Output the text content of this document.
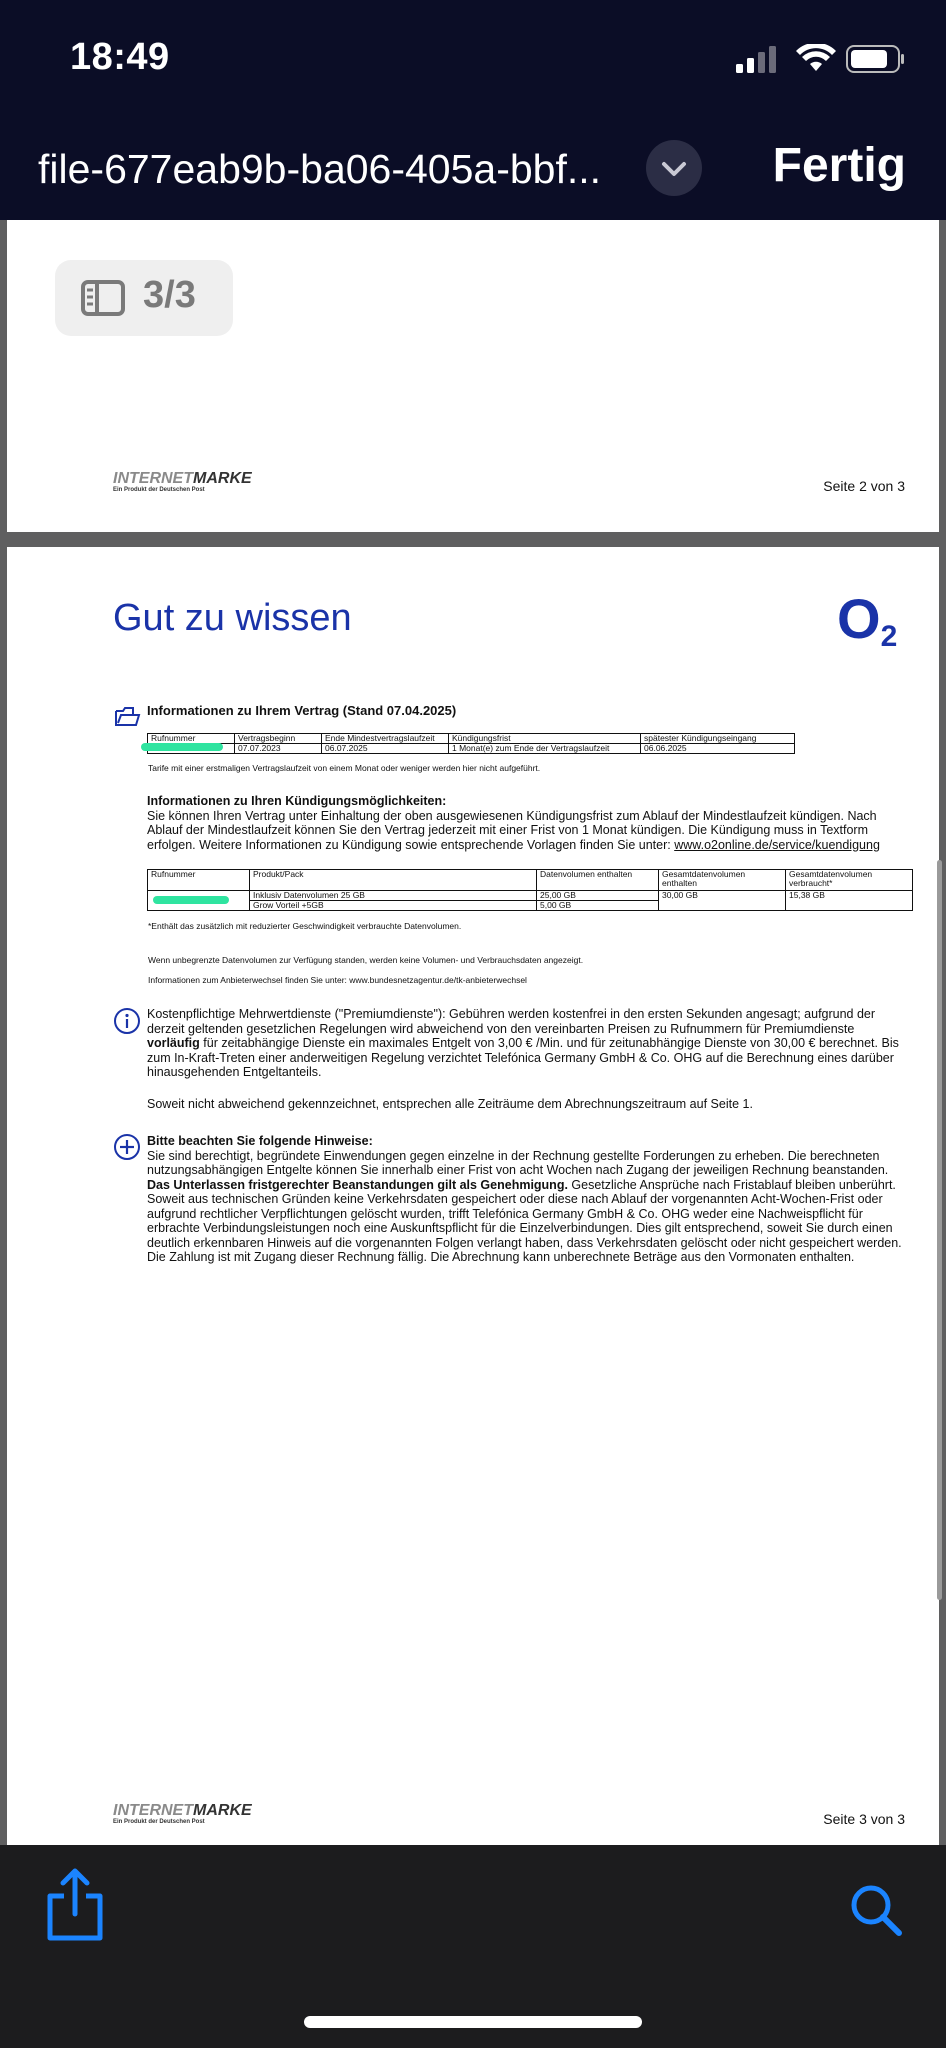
18:49
file-677eab9b-ba06-405a-bbf...	Fertig
3/3
INTERNETMARKE
Ein Produkt der Deutschen Post	Seite 2 von 3
Gut zu wissen	$O_2$
Informationen zu Ihrem Vertrag (Stand 07.04.2025)
Rufnummer	Vertragsbeginn	Ende Mindestvertragslaufzeit	Kündigungsfrist	spätester Kündigungseingang
	07.07.2023	06.07.2025	1 Monat(e) zum Ende der Vertragslaufzeit	06.06.2025
Tarife mit einer erstmaligen Vertragslaufzeit von einem Monat oder weniger werden hier nicht aufgeführt.
Informationen zu Ihren Kündigungsmöglichkeiten:
Sie können Ihren Vertrag unter Einhaltung der oben ausgewiesenen Kündigungsfrist zum Ablauf der Mindestlaufzeit kündigen. Nach Ablauf der Mindestlaufzeit können Sie den Vertrag jederzeit mit einer Frist von 1 Monat kündigen. Die Kündigung muss in Textform erfolgen. Weitere Informationen zu Kündigung sowie entsprechende Vorlagen finden Sie unter: www.o2online.de/service/kuendigung
Rufnummer	Produkt/Pack	Datenvolumen enthalten	Gesamtdatenvolumen enthalten	Gesamtdatenvolumen verbraucht*
	Inklusiv Datenvolumen 25 GB	25,00 GB	30,00 GB	15,38 GB
	Grow Vorteil +5GB	5,00 GB		
*Enthält das zusätzlich mit reduzierter Geschwindigkeit verbrauchte Datenvolumen.
Wenn unbegrenzte Datenvolumen zur Verfügung standen, werden keine Volumen- und Verbrauchsdaten angezeigt.
Informationen zum Anbieterwechsel finden Sie unter: www.bundesnetzagentur.de/tk-anbieterwechsel
Kostenpflichtige Mehrwertdienste ("Premiumdienste"): Gebühren werden kostenfrei in den ersten Sekunden angesagt; aufgrund der derzeit geltenden gesetzlichen Regelungen wird abweichend von den vereinbarten Preisen zu Rufnummern für Premiumdienste vorläufig für zeitabhängige Dienste ein maximales Entgelt von 3,00 € /Min. und für zeitunabhängige Dienste von 30,00 € berechnet. Bis zum In-Kraft-Treten einer anderweitigen Regelung verzichtet Telefónica Germany GmbH & Co. OHG auf die Berechnung eines darüber hinausgehenden Entgeltanteils.
Soweit nicht abweichend gekennzeichnet, entsprechen alle Zeiträume dem Abrechnungszeitraum auf Seite 1.
Bitte beachten Sie folgende Hinweise:
Sie sind berechtigt, begründete Einwendungen gegen einzelne in der Rechnung gestellte Forderungen zu erheben. Die berechneten nutzungsabhängigen Entgelte können Sie innerhalb einer Frist von acht Wochen nach Zugang der jeweiligen Rechnung beanstanden. Das Unterlassen fristgerechter Beanstandungen gilt als Genehmigung. Gesetzliche Ansprüche nach Fristablauf bleiben unberührt. Soweit aus technischen Gründen keine Verkehrsdaten gespeichert oder diese nach Ablauf der vorgenannten Acht-Wochen-Frist oder aufgrund rechtlicher Verpflichtungen gelöscht wurden, trifft Telefónica Germany GmbH & Co. OHG weder eine Nachweispflicht für erbrachte Verbindungsleistungen noch eine Auskunftspflicht für die Einzelverbindungen. Dies gilt entsprechend, soweit Sie durch einen deutlich erkennbaren Hinweis auf die vorgenannten Folgen verlangt haben, dass Verkehrsdaten gelöscht oder nicht gespeichert werden. Die Zahlung ist mit Zugang dieser Rechnung fällig. Die Abrechnung kann unberechnete Beträge aus den Vormonaten enthalten.
INTERNETMARKE
Ein Produkt der Deutschen Post	Seite 3 von 3
